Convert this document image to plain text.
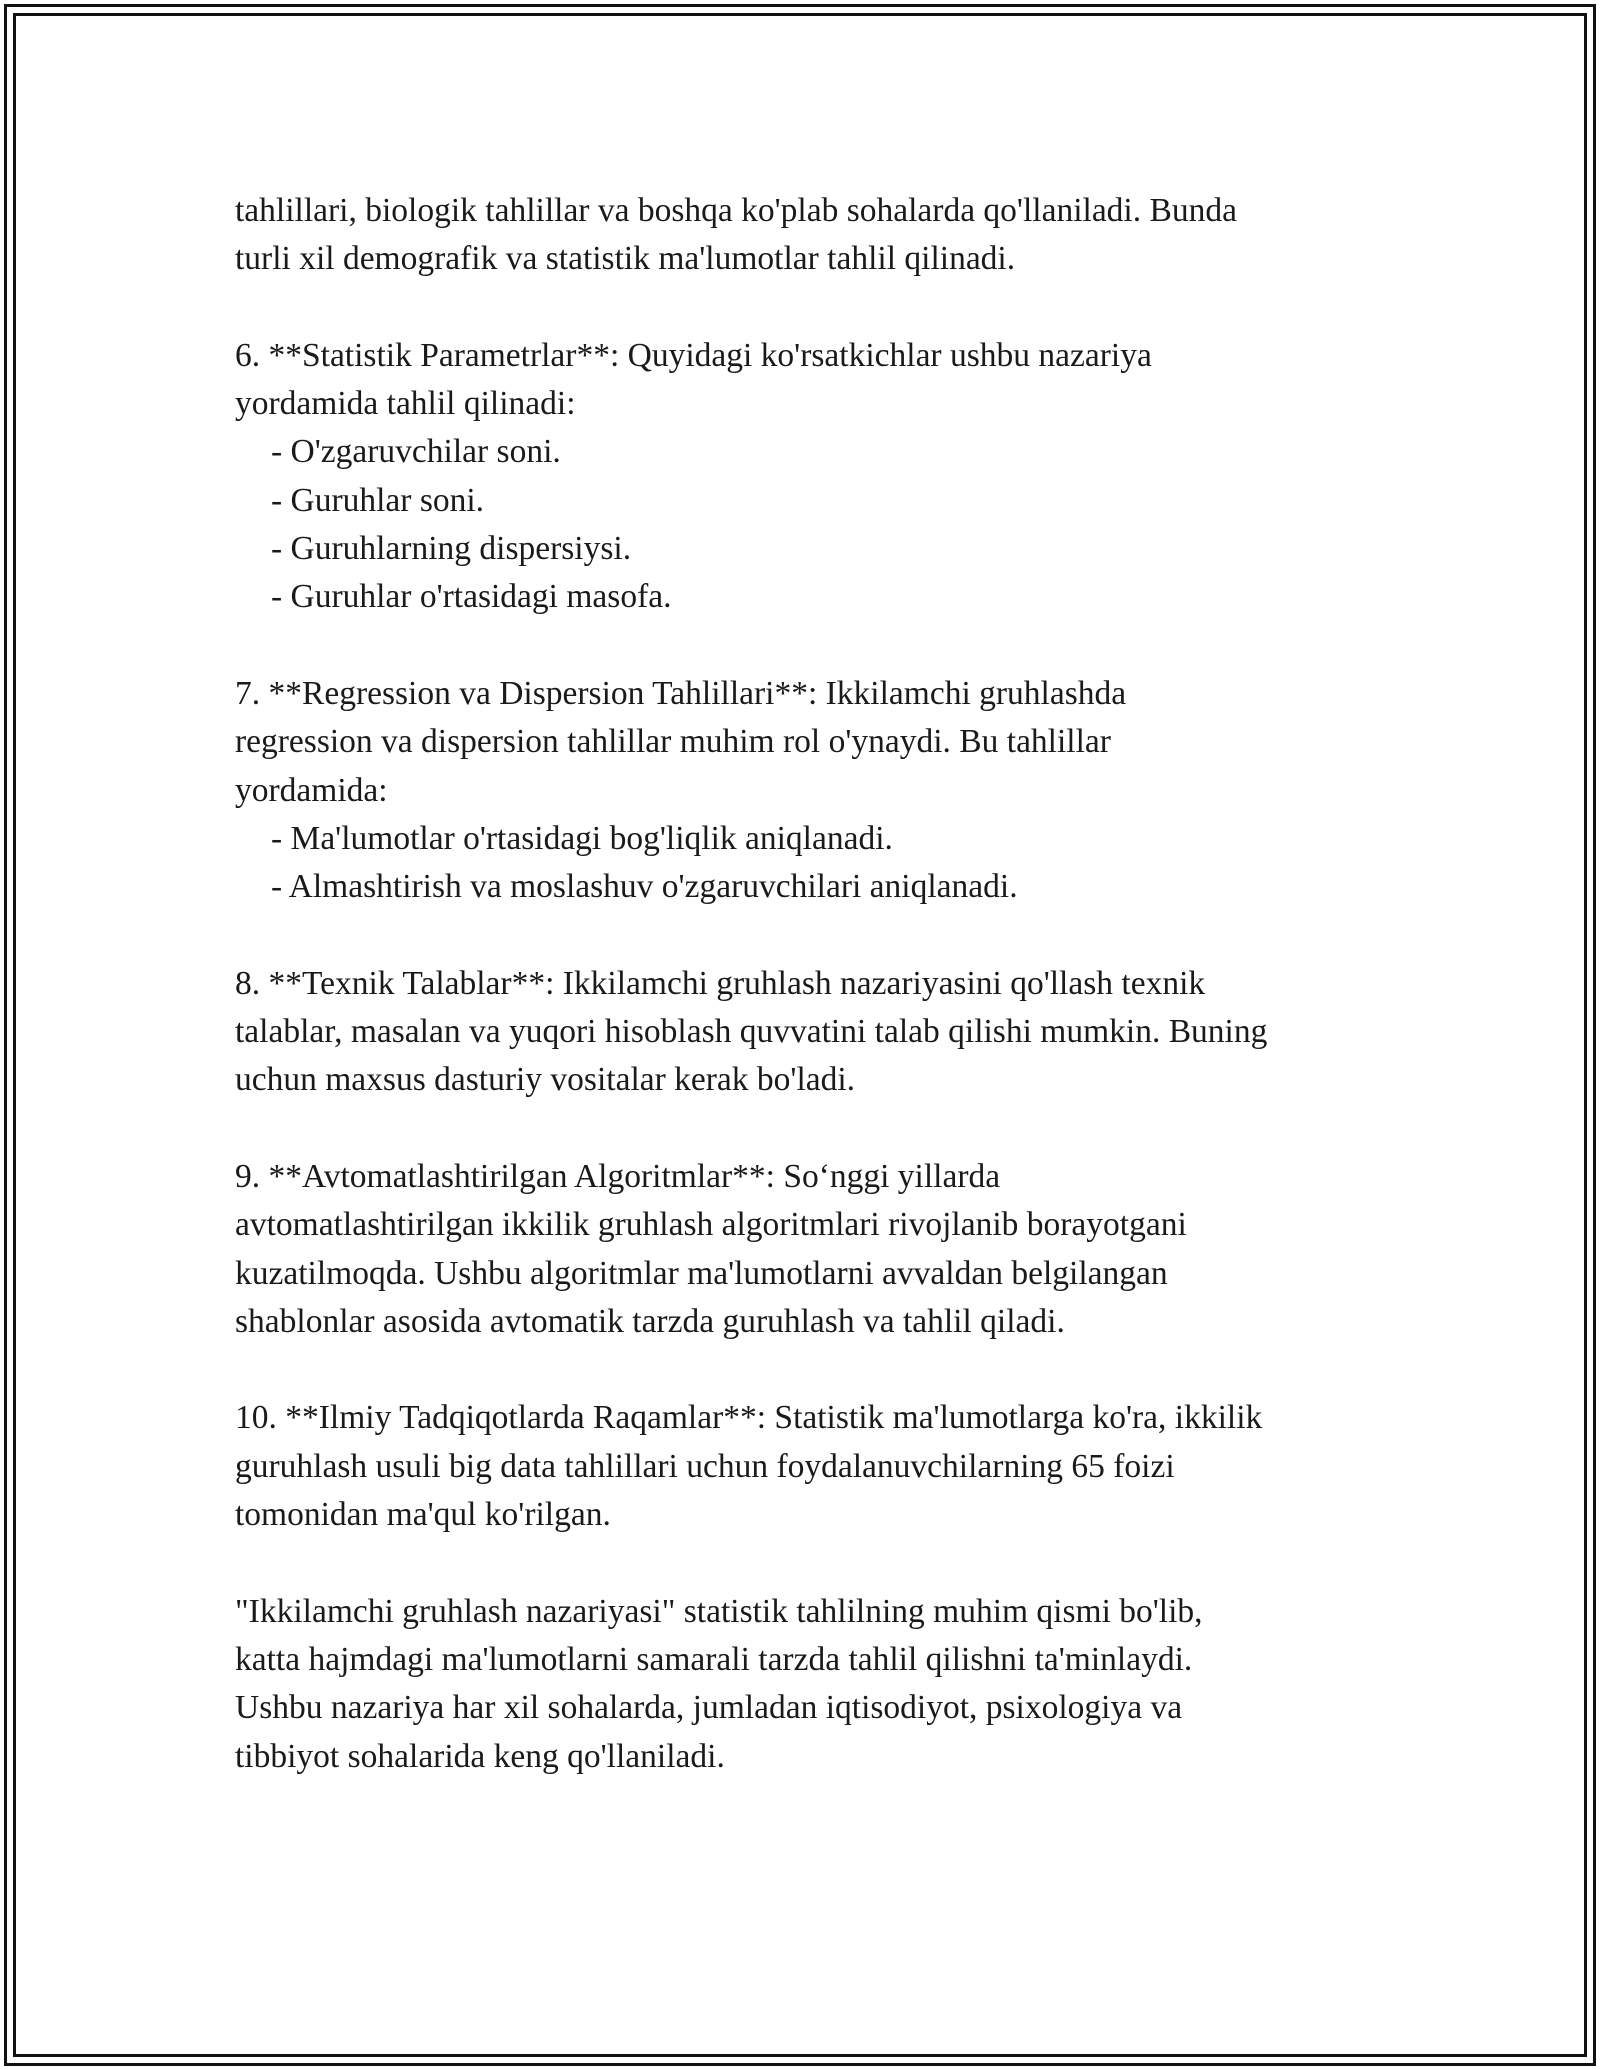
tahlillari, biologik tahlillar va boshqa ko'plab sohalarda qo'llaniladi. Bunda
turli xil demografik va statistik ma'lumotlar tahlil qilinadi.
6. **Statistik Parametrlar**: Quyidagi ko'rsatkichlar ushbu nazariya
yordamida tahlil qilinadi:
- O'zgaruvchilar soni.
- Guruhlar soni.
- Guruhlarning dispersiysi.
- Guruhlar o'rtasidagi masofa.
7. **Regression va Dispersion Tahlillari**: Ikkilamchi gruhlashda
regression va dispersion tahlillar muhim rol o'ynaydi. Bu tahlillar
yordamida:
- Ma'lumotlar o'rtasidagi bog'liqlik aniqlanadi.
- Almashtirish va moslashuv o'zgaruvchilari aniqlanadi.
8. **Texnik Talablar**: Ikkilamchi gruhlash nazariyasini qo'llash texnik
talablar, masalan va yuqori hisoblash quvvatini talab qilishi mumkin. Buning
uchun maxsus dasturiy vositalar kerak bo'ladi.
9. **Avtomatlashtirilgan Algoritmlar**: So‘nggi yillarda
avtomatlashtirilgan ikkilik gruhlash algoritmlari rivojlanib borayotgani
kuzatilmoqda. Ushbu algoritmlar ma'lumotlarni avvaldan belgilangan
shablonlar asosida avtomatik tarzda guruhlash va tahlil qiladi.
10. **Ilmiy Tadqiqotlarda Raqamlar**: Statistik ma'lumotlarga ko'ra, ikkilik
guruhlash usuli big data tahlillari uchun foydalanuvchilarning 65 foizi
tomonidan ma'qul ko'rilgan.
"Ikkilamchi gruhlash nazariyasi" statistik tahlilning muhim qismi bo'lib,
katta hajmdagi ma'lumotlarni samarali tarzda tahlil qilishni ta'minlaydi.
Ushbu nazariya har xil sohalarda, jumladan iqtisodiyot, psixologiya va
tibbiyot sohalarida keng qo'llaniladi.
